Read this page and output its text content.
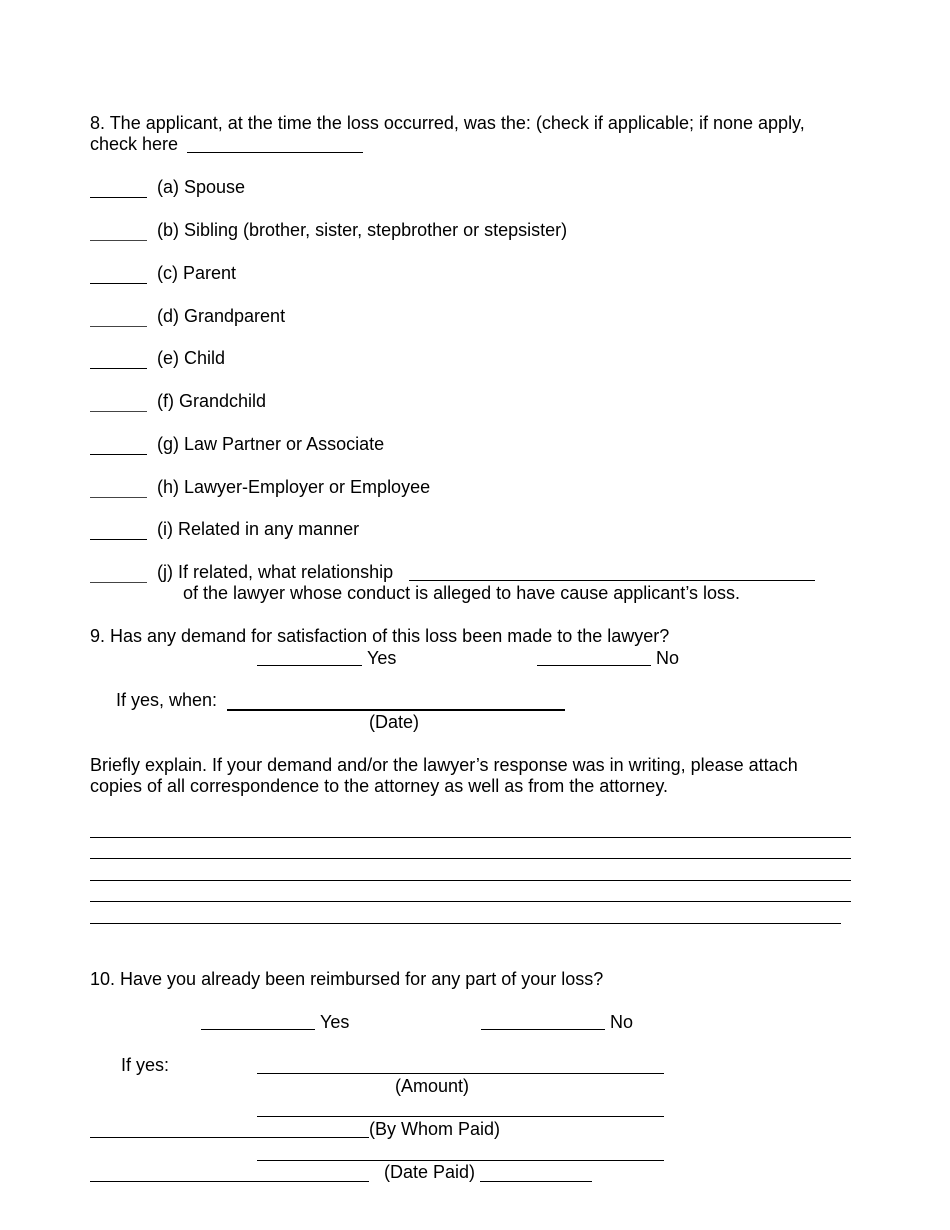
8. The applicant, at the time the loss occurred, was the: (check if applicable; if none apply,
check here
(a) Spouse
(b) Sibling (brother, sister, stepbrother or stepsister)
(c) Parent
(d) Grandparent
(e) Child
(f) Grandchild
(g) Law Partner or Associate
(h) Lawyer-Employer or Employee
(i) Related in any manner
(j) If related, what relationship
of the lawyer whose conduct is alleged to have cause applicant’s loss.
9. Has any demand for satisfaction of this loss been made to the lawyer?
Yes	No
If yes, when:
(Date)
Briefly explain. If your demand and/or the lawyer’s response was in writing, please attach
copies of all correspondence to the attorney as well as from the attorney.
10. Have you already been reimbursed for any part of your loss?
Yes	No
If yes:
(Amount)
(By Whom Paid)
(Date Paid)
